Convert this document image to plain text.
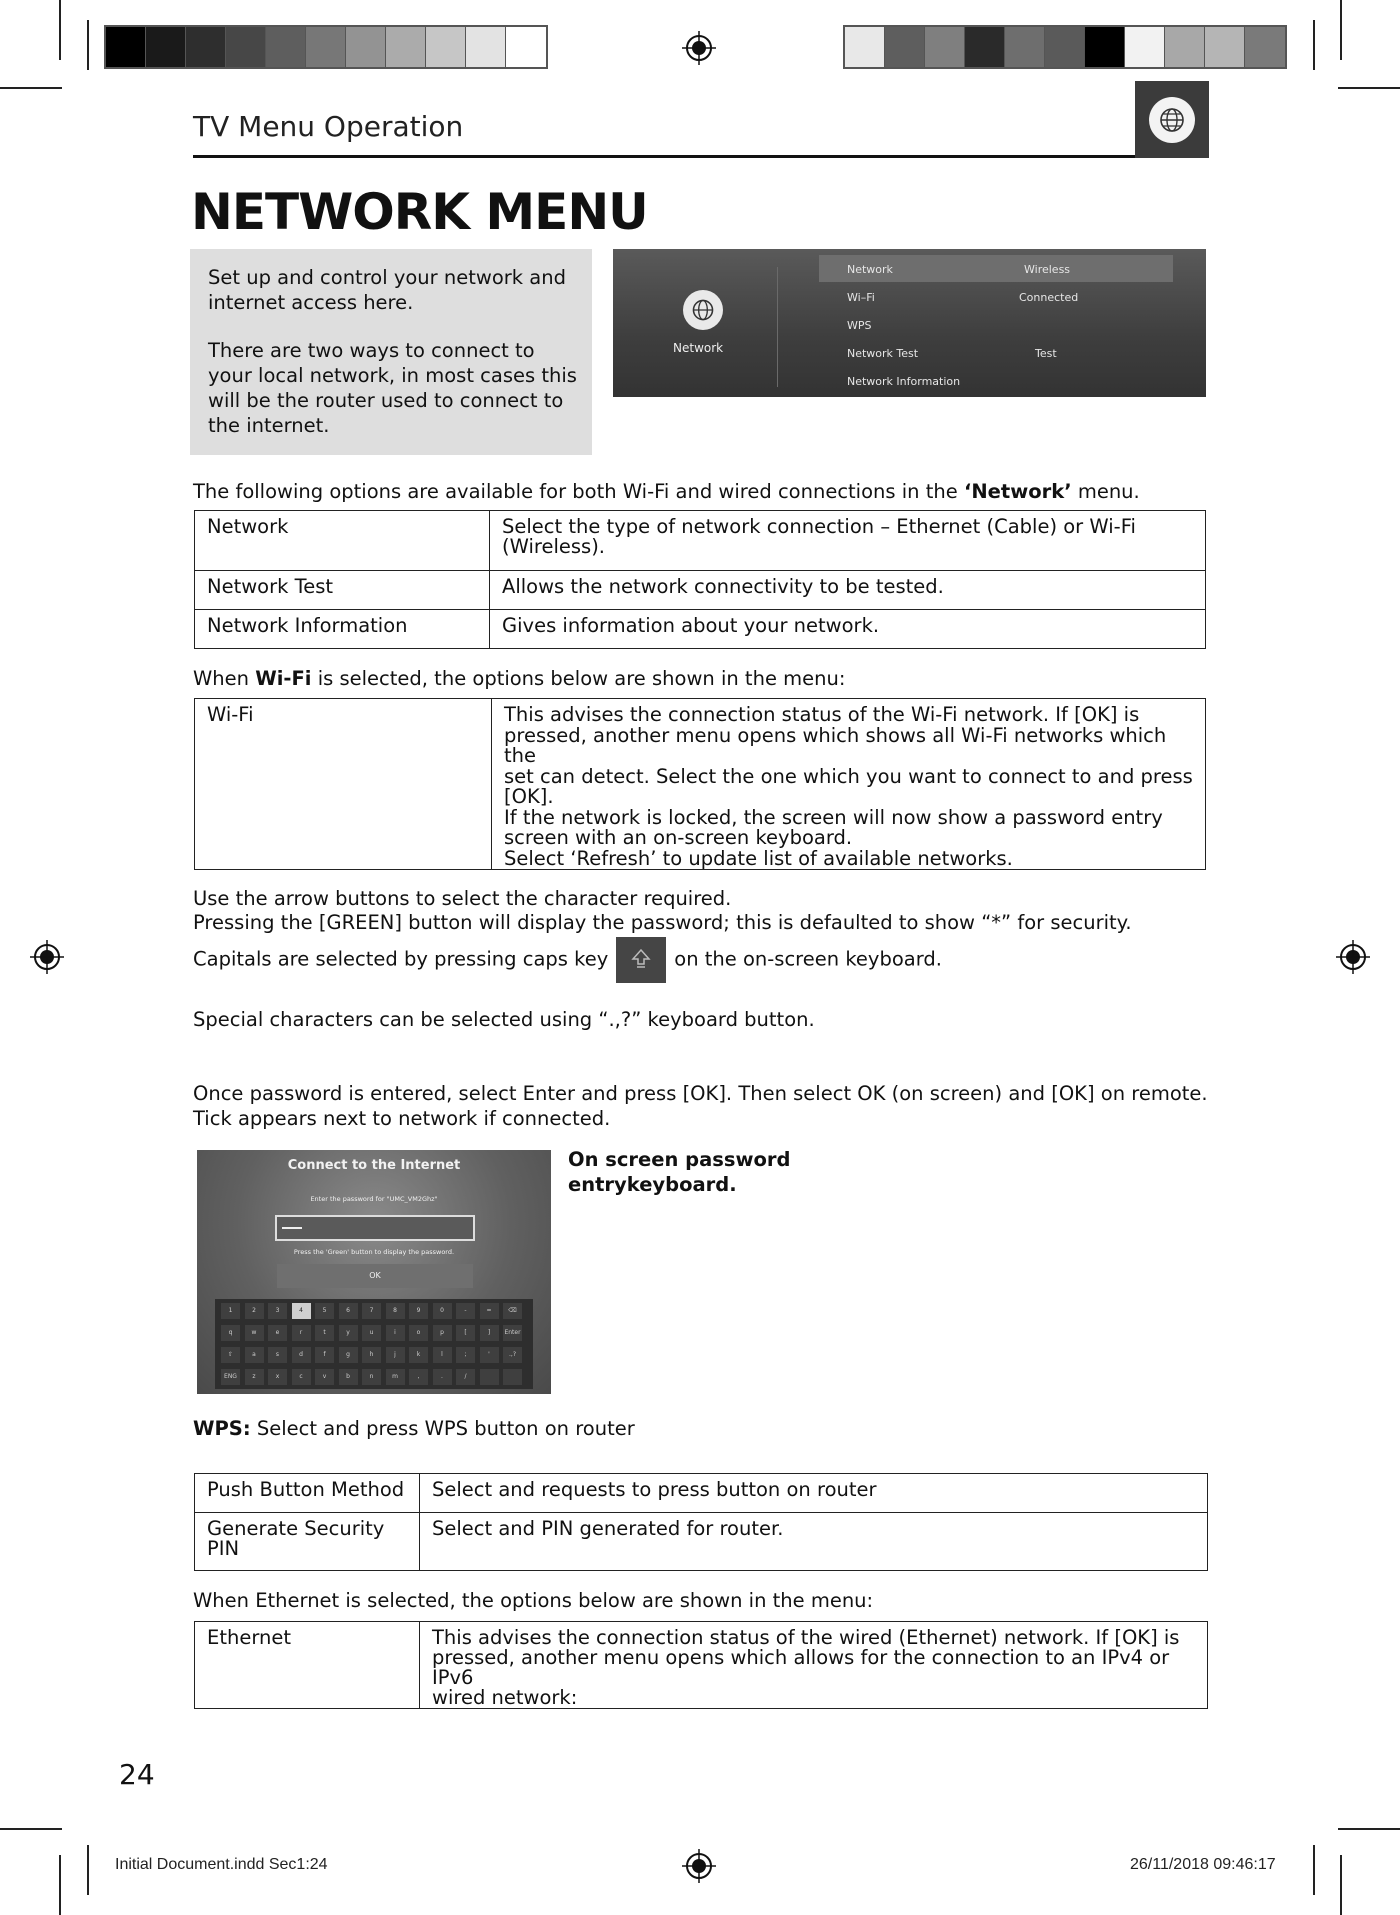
TV Menu Operation
NETWORK MENU

Set up and control your network and internet access here.

There are two ways to connect to your local network, in most cases this will be the router used to connect to the internet.

Network
Network	Wireless
Wi–Fi	Connected
WPS
Network Test	Test
Network Information
The following options are available for both Wi-Fi and wired connections in the ‘Network’ menu.
Network	Select the type of network connection – Ethernet (Cable) or Wi-Fi (Wireless).
Network Test	Allows the network connectivity to be tested.
Network Information	Gives information about your network.
When Wi-Fi is selected, the options below are shown in the menu:
Wi-Fi	This advises the connection status of the Wi-Fi network. If [OK] is
pressed, another menu opens which shows all Wi-Fi networks which the
set can detect. Select the one which you want to connect to and press
[OK].
If the network is locked, the screen will now show a password entry
screen with an on-screen keyboard.
Select ‘Refresh’ to update list of available networks.
Use the arrow buttons to select the character required.
Pressing the [GREEN] button will display the password; this is defaulted to show “*” for security.
Capitals are selected by pressing caps key	on the on-screen keyboard.
Special characters can be selected using “.,?” keyboard button.
Once password is entered, select Enter and press [OK]. Then select OK (on screen) and [OK] on remote.
Tick appears next to network if connected.
Connect to the Internet
Enter the password for "UMC_VM2Ghz"
Press the 'Green' button to display the password.
OK
1	2	3	4	5	6	7	8	9	0	-	=	⌫
q	w	e	r	t	y	u	i	o	p	[	]	Enter
⇧	a	s	d	f	g	h	j	k	l	;	'	.,?
ENG	z	x	c	v	b	n	m	,	.	/
On screen password
entrykeyboard.
WPS: Select and press WPS button on router
Push Button Method	Select and requests to press button on router

Generate Security
PIN	Select and PIN generated for router.
When Ethernet is selected, the options below are shown in the menu:
Ethernet	This advises the connection status of the wired (Ethernet) network. If [OK] is
pressed, another menu opens which allows for the connection to an IPv4 or IPv6
wired network:
24
Initial Document.indd Sec1:24	26/11/2018 09:46:17
